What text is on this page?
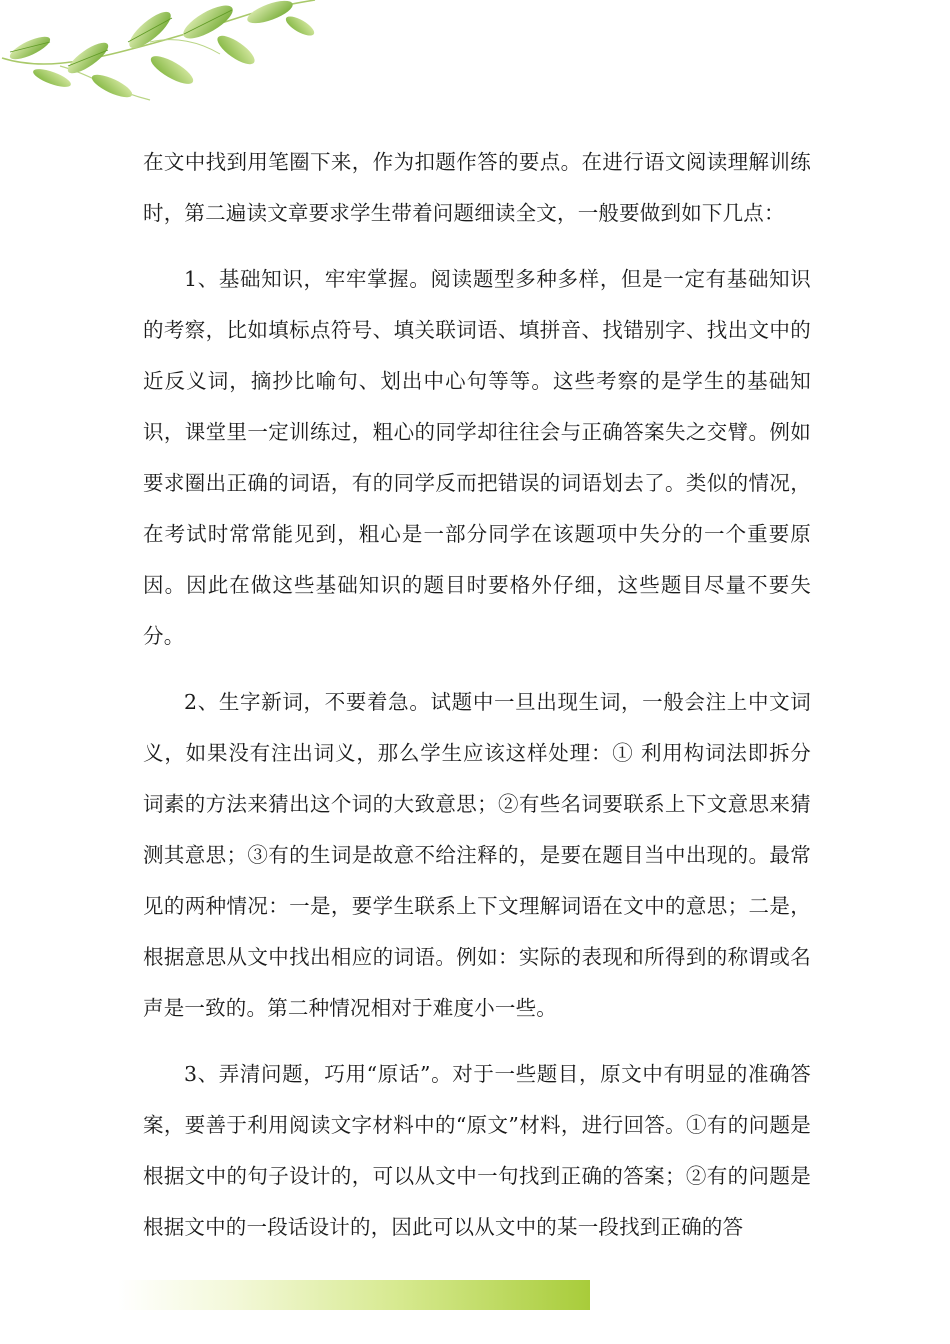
在文中找到用笔圈下来，作为扣题作答的要点。在进行语文阅读理解训练时，第二遍读文章要求学生带着问题细读全文，一般要做到如下几点：

1、基础知识，牢牢掌握。阅读题型多种多样，但是一定有基础知识的考察，比如填标点符号、填关联词语、填拼音、找错别字、找出文中的近反义词，摘抄比喻句、划出中心句等等。这些考察的是学生的基础知识，课堂里一定训练过，粗心的同学却往往会与正确答案失之交臂。例如要求圈出正确的词语，有的同学反而把错误的词语划去了。类似的情况，在考试时常常能见到，粗心是一部分同学在该题项中失分的一个重要原因。因此在做这些基础知识的题目时要格外仔细，这些题目尽量不要失分。

2、生字新词，不要着急。试题中一旦出现生词，一般会注上中文词义，如果没有注出词义，那么学生应该这样处理：① 利用构词法即拆分词素的方法来猜出这个词的大致意思；②有些名词要联系上下文意思来猜测其意思；③有的生词是故意不给注释的，是要在题目当中出现的。最常见的两种情况：一是，要学生联系上下文理解词语在文中的意思；二是，根据意思从文中找出相应的词语。例如：实际的表现和所得到的称谓或名声是一致的。第二种情况相对于难度小一些。

3、弄清问题，巧用“原话”。对于一些题目，原文中有明显的准确答案，要善于利用阅读文字材料中的“原文”材料，进行回答。①有的问题是根据文中的句子设计的，可以从文中一句找到正确的答案；②有的问题是根据文中的一段话设计的，因此可以从文中的某一段找到正确的答
